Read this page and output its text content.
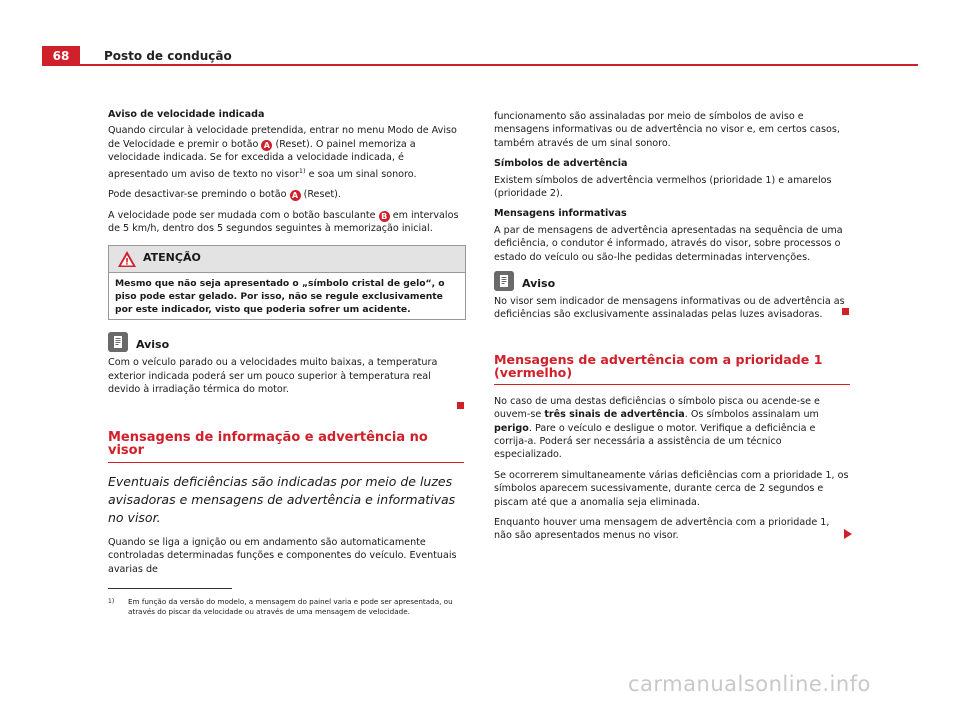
68	Posto de condução

Aviso de velocidade indicada

Quando circular à velocidade pretendida, entrar no menu Modo de Aviso de Velocidade e premir o botão A (Reset). O painel memoriza a velocidade indicada. Se for excedida a velocidade indicada, é apresentado um aviso de texto no visor$^{1)}$ e soa um sinal sonoro.

Pode desactivar-se premindo o botão A (Reset).

A velocidade pode ser mudada com o botão basculante B em intervalos de 5 km/h, dentro dos 5 segundos seguintes à memorização inicial.

ATENÇÃO
Mesmo que não seja apresentado o „símbolo cristal de gelo“, o piso pode estar gelado. Por isso, não se regule exclusivamente por este indicador, visto que poderia sofrer um acidente.
Aviso

Com o veículo parado ou a velocidades muito baixas, a temperatura exterior indicada poderá ser um pouco superior à temperatura real devido à irradiação térmica do motor.

Mensagens de informação e advertência no visor
Eventuais deficiências são indicadas por meio de luzes avisadoras e mensagens de advertência e informativas no visor.

Quando se liga a ignição ou em andamento são automaticamente controladas determinadas funções e componentes do veículo. Eventuais avarias de

funcionamento são assinaladas por meio de símbolos de aviso e mensagens informativas ou de advertência no visor e, em certos casos, também através de um sinal sonoro.

Símbolos de advertência

Existem símbolos de advertência vermelhos (prioridade 1) e amarelos (prioridade 2).

Mensagens informativas

A par de mensagens de advertência apresentadas na sequência de uma deficiência, o condutor é informado, através do visor, sobre processos o estado do veículo ou são-lhe pedidas determinadas intervenções.

Aviso

No visor sem indicador de mensagens informativas ou de advertência as deficiências são exclusivamente assinaladas pelas luzes avisadoras.

Mensagens de advertência com a prioridade 1 (vermelho)

No caso de uma destas deficiências o símbolo pisca ou acende-se e ouvem-se três sinais de advertência. Os símbolos assinalam um perigo. Pare o veículo e desligue o motor. Verifique a deficiência e corrija-a. Poderá ser necessária a assistência de um técnico especializado.

Se ocorrerem simultaneamente várias deficiências com a prioridade 1, os símbolos aparecem sucessivamente, durante cerca de 2 segundos e piscam até que a anomalia seja eliminada.

Enquanto houver uma mensagem de advertência com a prioridade 1, não são apresentados menus no visor.

1) Em função da versão do modelo, a mensagem do painel varia e pode ser apresentada, ou através do piscar da velocidade ou através de uma mensagem de velocidade.
carmanualsonline.info
